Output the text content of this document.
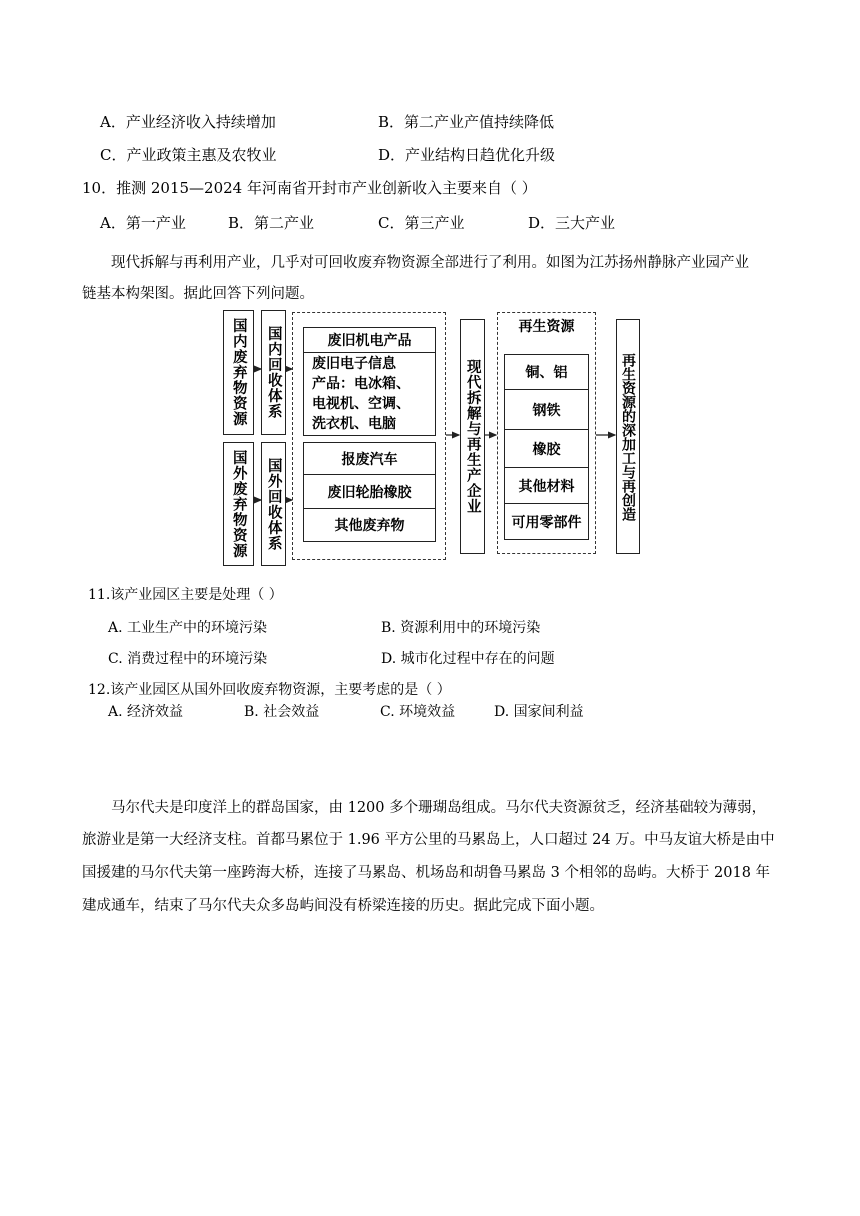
A．产业经济收入持续增加	B．第二产业产值持续降低
C．产业政策主惠及农牧业	D．产业结构日趋优化升级
10．推测 2015—2024 年河南省开封市产业创新收入主要来自（ ）
A．第一产业	B．第二产业	C．第三产业	D．三大产业
现代拆解与再利用产业，几乎对可回收废弃物资源全部进行了利用。如图为江苏扬州静脉产业园产业
链基本构架图。据此回答下列问题。
国内废弃物资源
国外废弃物资源
国内回收体系
国外回收体系
废旧机电产品
废旧电子信息
产品：电冰箱、
电视机、空调、
洗衣机、电脑
报废汽车
废旧轮胎橡胶
其他废弃物
现代拆解与再生产企业
再生资源
铜、铝
钢铁
橡胶
其他材料
可用零部件
再生资源的深加工与再创造
11.该产业园区主要是处理（ ）
A. 工业生产中的环境污染	B. 资源利用中的环境污染
C. 消费过程中的环境污染	D. 城市化过程中存在的问题
12.该产业园区从国外回收废弃物资源，主要考虑的是（ ）
A. 经济效益	B. 社会效益	C. 环境效益	D. 国家间利益
马尔代夫是印度洋上的群岛国家，由 1200 多个珊瑚岛组成。马尔代夫资源贫乏，经济基础较为薄弱，
旅游业是第一大经济支柱。首都马累位于 1.96 平方公里的马累岛上，人口超过 24 万。中马友谊大桥是由中
国援建的马尔代夫第一座跨海大桥，连接了马累岛、机场岛和胡鲁马累岛 3 个相邻的岛屿。大桥于 2018 年
建成通车，结束了马尔代夫众多岛屿间没有桥梁连接的历史。据此完成下面小题。
